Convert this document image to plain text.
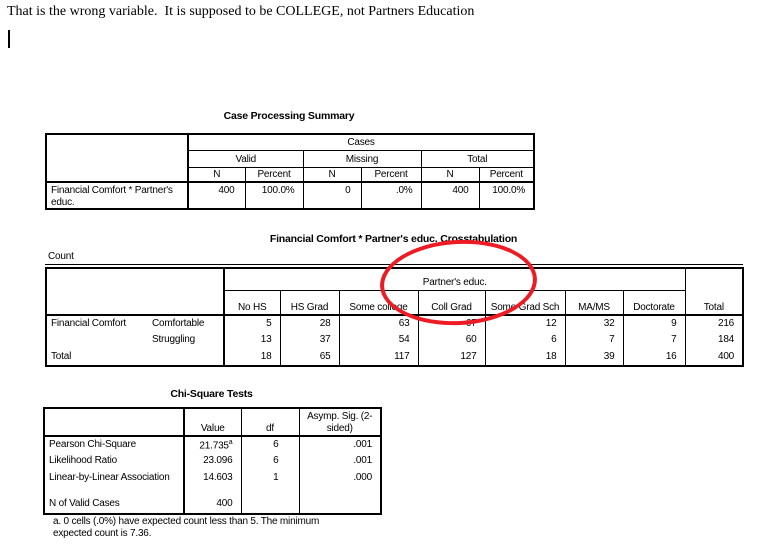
That is the wrong variable.  It is supposed to be COLLEGE, not Partners Education
Case Processing Summary
	Cases					
	Valid		Missing		Total	
	N	Percent	N	Percent	N	Percent
Financial Comfort * Partner's educ.	400	100.0%	0	.0%	400	100.0%
Financial Comfort * Partner's educ. Crosstabulation
Count
		Partner's educ.							Total
		No HS	HS Grad	Some college	Coll Grad	Some Grad Sch	MA/MS	Doctorate	
Financial Comfort	Comfortable	5	28	63	67	12	32	9	216
	Struggling	13	37	54	60	6	7	7	184
Total		18	65	117	127	18	39	16	400
Chi-Square Tests
	Value	df	Asymp. Sig. (2-sided)
Pearson Chi-Square	21.735$^a$	6	.001
Likelihood Ratio	23.096	6	.001
Linear-by-Linear Association	14.603	1	.000
N of Valid Cases	400		
a. 0 cells (.0%) have expected count less than 5. The minimum expected count is 7.36.
